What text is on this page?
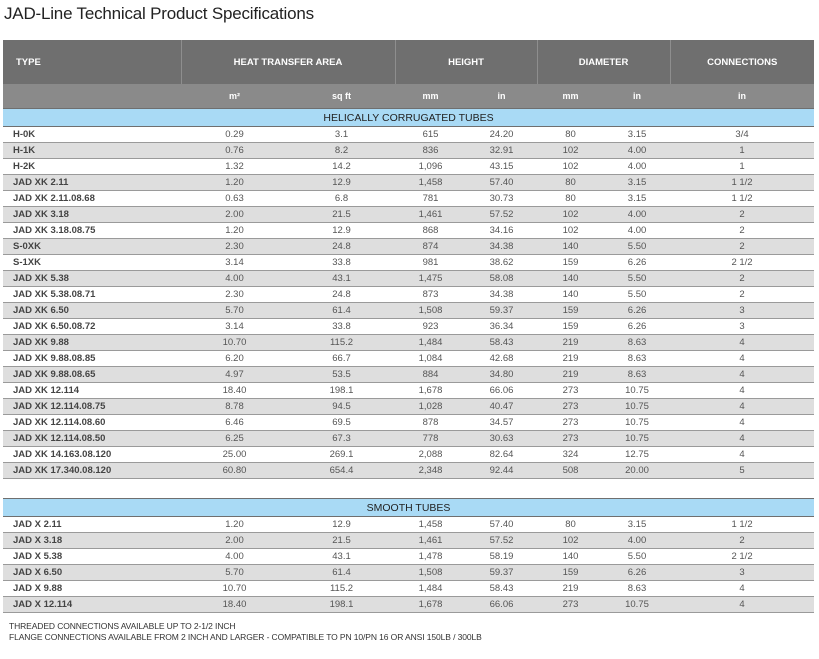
JAD-Line Technical Product Specifications
TYPE	HEAT TRANSFER AREA		HEIGHT		DIAMETER		CONNECTIONS
	m²	sq ft	mm	in	mm	in	in
HELICALLY CORRUGATED TUBES							
H-0K	0.29	3.1	615	24.20	80	3.15	3/4
H-1K	0.76	8.2	836	32.91	102	4.00	1
H-2K	1.32	14.2	1,096	43.15	102	4.00	1
JAD XK 2.11	1.20	12.9	1,458	57.40	80	3.15	1 1/2
JAD XK 2.11.08.68	0.63	6.8	781	30.73	80	3.15	1 1/2
JAD XK 3.18	2.00	21.5	1,461	57.52	102	4.00	2
JAD XK 3.18.08.75	1.20	12.9	868	34.16	102	4.00	2
S-0XK	2.30	24.8	874	34.38	140	5.50	2
S-1XK	3.14	33.8	981	38.62	159	6.26	2 1/2
JAD XK 5.38	4.00	43.1	1,475	58.08	140	5.50	2
JAD XK 5.38.08.71	2.30	24.8	873	34.38	140	5.50	2
JAD XK 6.50	5.70	61.4	1,508	59.37	159	6.26	3
JAD XK 6.50.08.72	3.14	33.8	923	36.34	159	6.26	3
JAD XK 9.88	10.70	115.2	1,484	58.43	219	8.63	4
JAD XK 9.88.08.85	6.20	66.7	1,084	42.68	219	8.63	4
JAD XK 9.88.08.65	4.97	53.5	884	34.80	219	8.63	4
JAD XK 12.114	18.40	198.1	1,678	66.06	273	10.75	4
JAD XK 12.114.08.75	8.78	94.5	1,028	40.47	273	10.75	4
JAD XK 12.114.08.60	6.46	69.5	878	34.57	273	10.75	4
JAD XK 12.114.08.50	6.25	67.3	778	30.63	273	10.75	4
JAD XK 14.163.08.120	25.00	269.1	2,088	82.64	324	12.75	4
JAD XK 17.340.08.120	60.80	654.4	2,348	92.44	508	20.00	5
SMOOTH TUBES							
JAD X 2.11	1.20	12.9	1,458	57.40	80	3.15	1 1/2
JAD X 3.18	2.00	21.5	1,461	57.52	102	4.00	2
JAD X 5.38	4.00	43.1	1,478	58.19	140	5.50	2 1/2
JAD X 6.50	5.70	61.4	1,508	59.37	159	6.26	3
JAD X 9.88	10.70	115.2	1,484	58.43	219	8.63	4
JAD X 12.114	18.40	198.1	1,678	66.06	273	10.75	4
THREADED CONNECTIONS AVAILABLE UP TO 2-1/2 INCH
FLANGE CONNECTIONS AVAILABLE FROM 2 INCH AND LARGER - COMPATIBLE TO PN 10/PN 16 OR ANSI 150LB / 300LB
